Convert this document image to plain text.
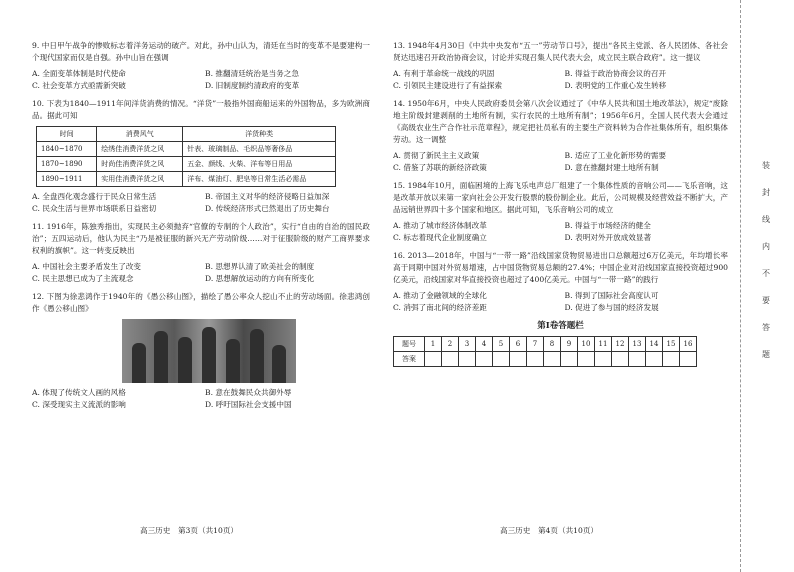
装
封
线
内
不
要
答
题

9. 中日甲午战争的惨败标志着洋务运动的破产。对此，孙中山认为，清廷在当时的变革不是要建构一个现代国家而仅是自强。孙中山旨在强调

A. 全面变革体制是时代使命	B. 推翻清廷统治是当务之急
C. 社会变革方式亟需新突破	D. 旧制度制约清政府的变革

10. 下表为1840—1911年间洋货消费的情况。“洋货”一般指外国商船运来的外国物品，多为欧洲商品。据此可知

时间	消费风气	洋货种类
1840~1870	绘绣佳消费洋货之风	针表、玻璃制品、毛织品等奢侈品
1870~1890	时尚佳消费洋货之风	五金、颜线、火柴、洋布等日用品
1890~1911	实用佳消费洋货之风	洋布、煤油灯、肥皂等日常生活必需品
A. 全盘西化观念盛行于民众日常生活	B. 帝国主义对华的经济侵略日益加深
C. 民众生活与世界市场联系日益密切	D. 传统经济形式已然退出了历史舞台

11. 1916年，陈独秀指出，实现民主必须抛弃“官僚的专制的个人政治”，实行“自由的自治的国民政治”；五四运动后，他认为民主“乃是被征服的新兴无产劳动阶级……对于征服阶级的财产工商界要求权利的旗帜”。这一转变反映出

A. 中国社会主要矛盾发生了改变	B. 思想界认清了欧美社会的制度
C. 民主思想已成为了主流观念	D. 思想解放运动的方向有所变化

12. 下图为徐悲鸿作于1940年的《愚公移山图》，描绘了愚公率众人挖山不止的劳动场面。徐悲鸿创作《愚公移山图》

A. 体现了传统文人画的风格	B. 意在鼓舞民众共御外辱
C. 深受现实主义流派的影响	D. 呼吁国际社会支援中国
高三历史　第3页（共10页）

13. 1948年4月30日《中共中央发布“五一”劳动节口号》，提出“各民主党派、各人民团体、各社会贤达迅速召开政治协商会议，讨论并实现召集人民代表大会，成立民主联合政府”。这一提议

A. 有利于革命统一战线的巩固	B. 得益于政治协商会议的召开
C. 引领民主建设进行了有益探索	D. 表明党的工作重心发生转移

14. 1950年6月，中央人民政府委员会第八次会议通过了《中华人民共和国土地改革法》，规定“废除地主阶级封建剥削的土地所有制，实行农民的土地所有制”；1956年6月，全国人民代表大会通过《高级农业生产合作社示范章程》，规定把社员私有的主要生产资料转为合作社集体所有，组织集体劳动。这一调整

A. 贯彻了新民主主义政策	B. 适应了工业化新形势的需要
C. 借鉴了苏联的新经济政策	D. 意在推翻封建土地所有制

15. 1984年10月，面临困境的上海飞乐电声总厂组建了一个集体性质的音响公司——飞乐音响，这是改革开放以来第一家向社会公开发行股票的股份制企业。此后，公司规模及经营效益不断扩大，产品远销世界四十多个国家和地区。据此可知，飞乐音响公司的成立

A. 推动了城市经济体制改革	B. 得益于市场经济的健全
C. 标志着现代企业制度确立	D. 表明对外开放成效显著

16. 2013—2018年，中国与“一带一路”沿线国家货物贸易进出口总额超过6万亿美元，年均增长率高于同期中国对外贸易增速，占中国货物贸易总额的27.4%；中国企业对沿线国家直接投资超过900亿美元，沿线国家对华直接投资也超过了400亿美元。中国与“一带一路”的践行

A. 推动了金融领域的全球化	B. 得到了国际社会高度认可
C. 消弭了南北间的经济差距	D. 促进了参与国的经济发展
第Ⅰ卷答题栏
题号	1	2	3	4	5	6	7	8	9	10	11	12	13	14	15	16
答案																
高三历史　第4页（共10页）
